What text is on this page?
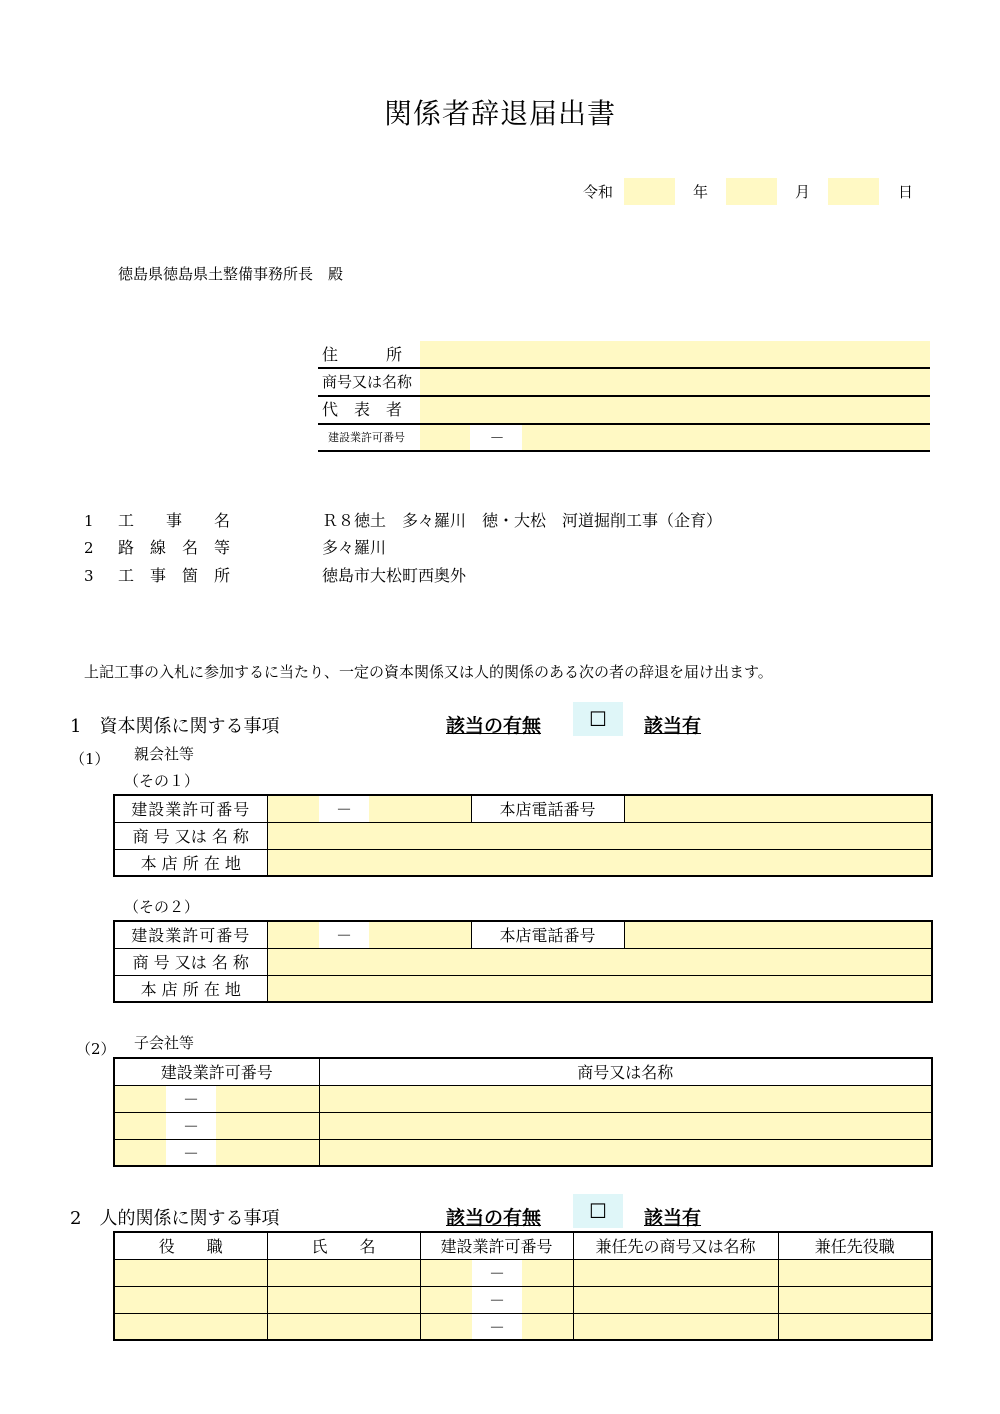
関係者辞退届出書
令和	年	月	日
徳島県徳島県土整備事務所長　殿
住　　　所
商号又は名称
代　表　者
建設業許可番号	－
1 工　　事　　名	Ｒ８徳土　多々羅川　徳・大松　河道掘削工事（企育）
2 路　線　名　等	多々羅川
3 工　事　箇　所	徳島市大松町西奥外
上記工事の入札に参加するに当たり、一定の資本関係又は人的関係のある次の者の辞退を届け出ます。
1　資本関係に関する事項	該当の有無	☐	該当有
（1） 親会社等
（その１）
建設業許可番号		－		本店電話番号	
商 号 又は 名 称					
本 店 所 在 地					
（その２）
建設業許可番号		－		本店電話番号	
商 号 又は 名 称					
本 店 所 在 地					
（2） 子会社等
建設業許可番号			商号又は名称
	－		
	－		
	－		
2　人的関係に関する事項	該当の有無	☐	該当有
役　　職	氏　　名	建設業許可番号			兼任先の商号又は名称	兼任先役職
			－			
			－			
			－			
